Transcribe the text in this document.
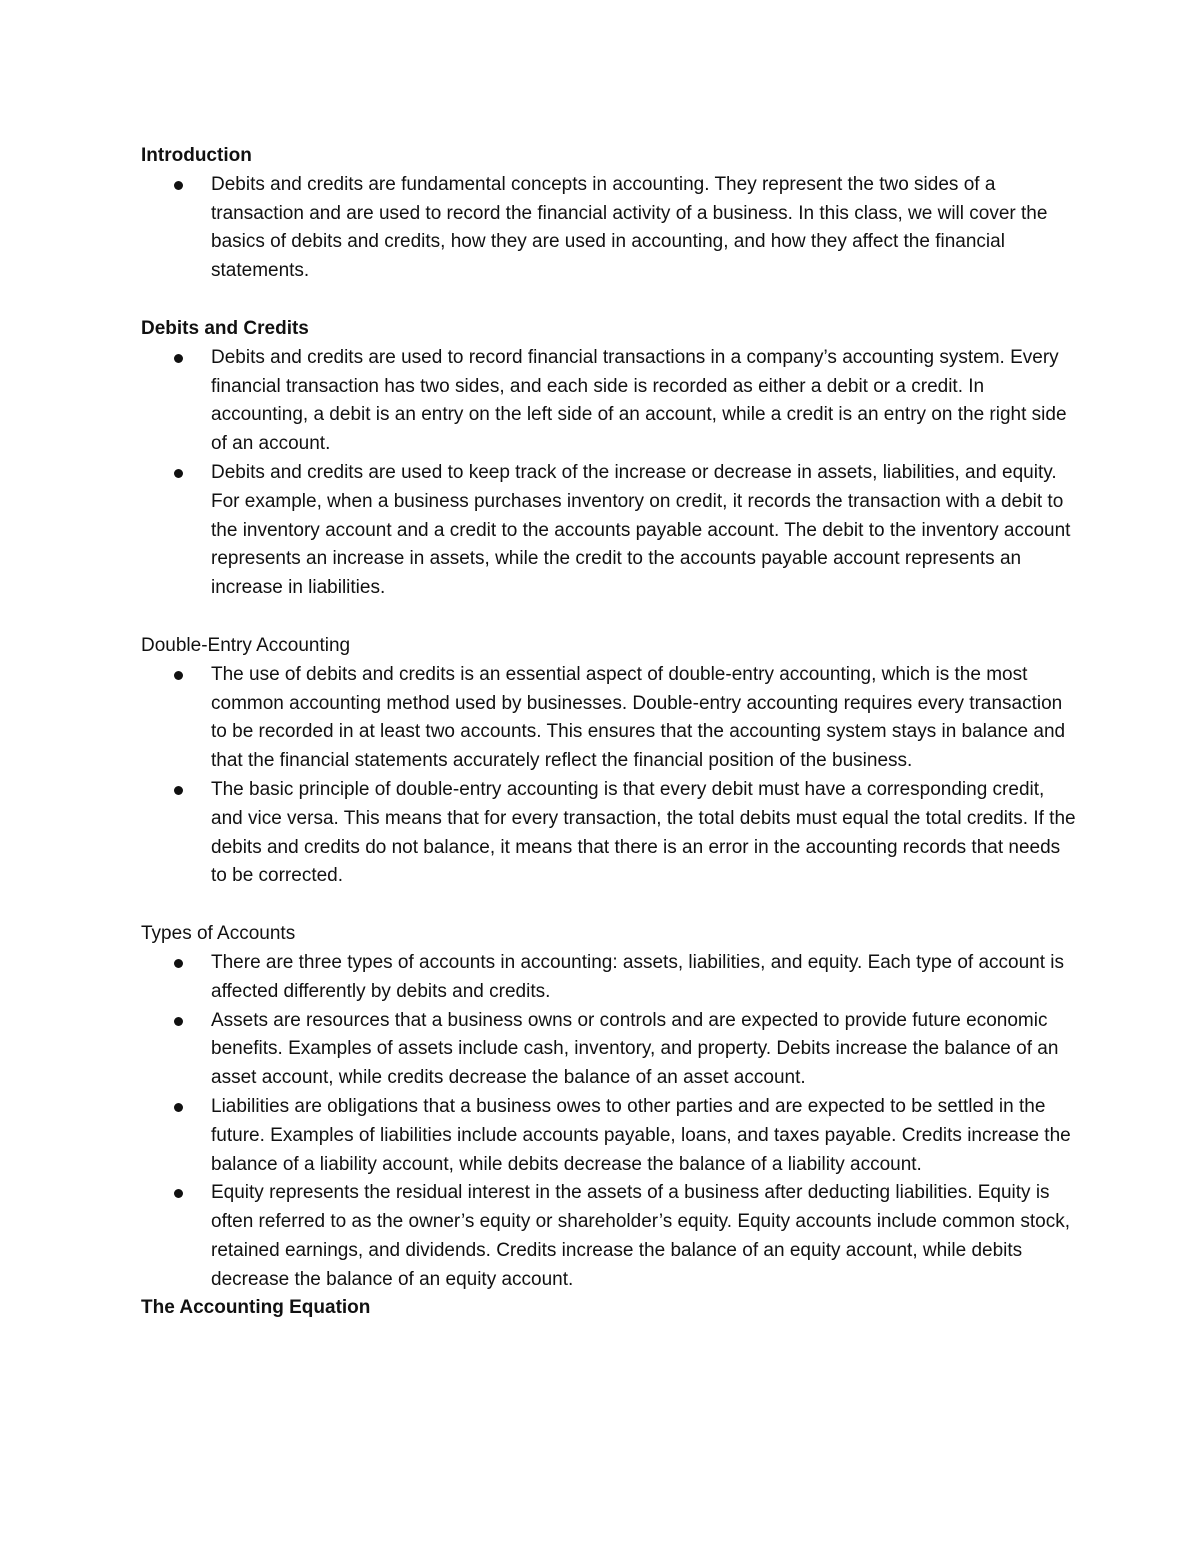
Introduction
Debits and credits are fundamental concepts in accounting. They represent the two sides of a transaction and are used to record the financial activity of a business. In this class, we will cover the basics of debits and credits, how they are used in accounting, and how they affect the financial statements.
Debits and Credits
Debits and credits are used to record financial transactions in a company’s accounting system. Every financial transaction has two sides, and each side is recorded as either a debit or a credit. In accounting, a debit is an entry on the left side of an account, while a credit is an entry on the right side of an account.
Debits and credits are used to keep track of the increase or decrease in assets, liabilities, and equity. For example, when a business purchases inventory on credit, it records the transaction with a debit to the inventory account and a credit to the accounts payable account. The debit to the inventory account represents an increase in assets, while the credit to the accounts payable account represents an increase in liabilities.
Double-Entry Accounting
The use of debits and credits is an essential aspect of double-entry accounting, which is the most common accounting method used by businesses. Double-entry accounting requires every transaction to be recorded in at least two accounts. This ensures that the accounting system stays in balance and that the financial statements accurately reflect the financial position of the business.
The basic principle of double-entry accounting is that every debit must have a corresponding credit, and vice versa. This means that for every transaction, the total debits must equal the total credits. If the debits and credits do not balance, it means that there is an error in the accounting records that needs to be corrected.
Types of Accounts
There are three types of accounts in accounting: assets, liabilities, and equity. Each type of account is affected differently by debits and credits.
Assets are resources that a business owns or controls and are expected to provide future economic benefits. Examples of assets include cash, inventory, and property. Debits increase the balance of an asset account, while credits decrease the balance of an asset account.
Liabilities are obligations that a business owes to other parties and are expected to be settled in the future. Examples of liabilities include accounts payable, loans, and taxes payable. Credits increase the balance of a liability account, while debits decrease the balance of a liability account.
Equity represents the residual interest in the assets of a business after deducting liabilities. Equity is often referred to as the owner’s equity or shareholder’s equity. Equity accounts include common stock, retained earnings, and dividends. Credits increase the balance of an equity account, while debits decrease the balance of an equity account.
The Accounting Equation
